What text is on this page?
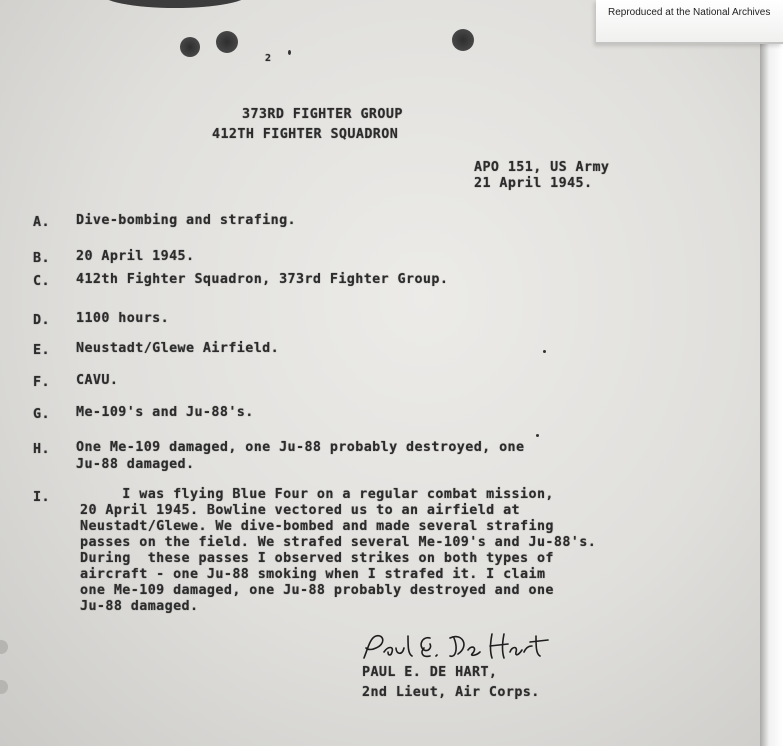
2

373RD FIGHTER GROUP

412TH FIGHTER SQUADRON

APO 151, US Army

21 April 1945.

A.	Dive-bombing and strafing.

B.	20 April 1945.

C.	412th Fighter Squadron, 373rd Fighter Group.

D.	1100 hours.

E.	Neustadt/Glewe Airfield.

F.	CAVU.

G.	Me-109's and Ju-88's.

H.	One Me-109 damaged, one Ju-88 probably destroyed, one

Ju-88 damaged.

I.	I was flying Blue Four on a regular combat mission,

20 April 1945. Bowline vectored us to an airfield at

Neustadt/Glewe. We dive-bombed and made several strafing

passes on the field. We strafed several Me-109's and Ju-88's.

During  these passes I observed strikes on both types of

aircraft - one Ju-88 smoking when I strafed it. I claim

one Me-109 damaged, one Ju-88 probably destroyed and one

Ju-88 damaged.

PAUL E. DE HART,

2nd Lieut, Air Corps.

Reproduced at the National Archives
